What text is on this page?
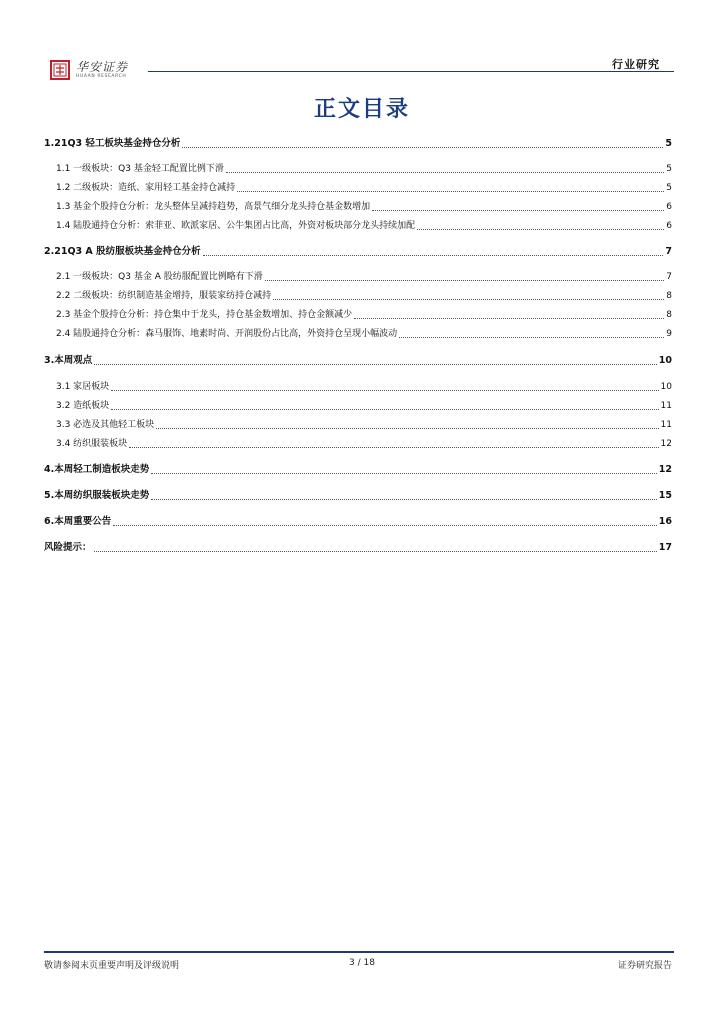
华安证券
HUAAN RESEARCH
行业研究
正文目录
1.21Q3 轻工板块基金持仓分析	5
1.1 一级板块：Q3 基金轻工配置比例下滑	5
1.2 二级板块：造纸、家用轻工基金持仓减持	5
1.3 基金个股持仓分析：龙头整体呈减持趋势，高景气细分龙头持仓基金数增加	6
1.4 陆股通持仓分析：索菲亚、欧派家居、公牛集团占比高，外资对板块部分龙头持续加配	6
2.21Q3 A 股纺服板块基金持仓分析	7
2.1 一级板块：Q3 基金 A 股纺服配置比例略有下滑	7
2.2 二级板块：纺织制造基金增持，服装家纺持仓减持	8
2.3 基金个股持仓分析：持仓集中于龙头，持仓基金数增加、持仓金额减少	8
2.4 陆股通持仓分析：森马服饰、地素时尚、开润股份占比高，外资持仓呈现小幅波动	9
3.本周观点	10
3.1 家居板块	10
3.2 造纸板块	11
3.3 必选及其他轻工板块	11
3.4 纺织服装板块	12
4.本周轻工制造板块走势	12
5.本周纺织服装板块走势	15
6.本周重要公告	16
风险提示：	17
敬请参阅末页重要声明及评级说明	3 / 18	证券研究报告
